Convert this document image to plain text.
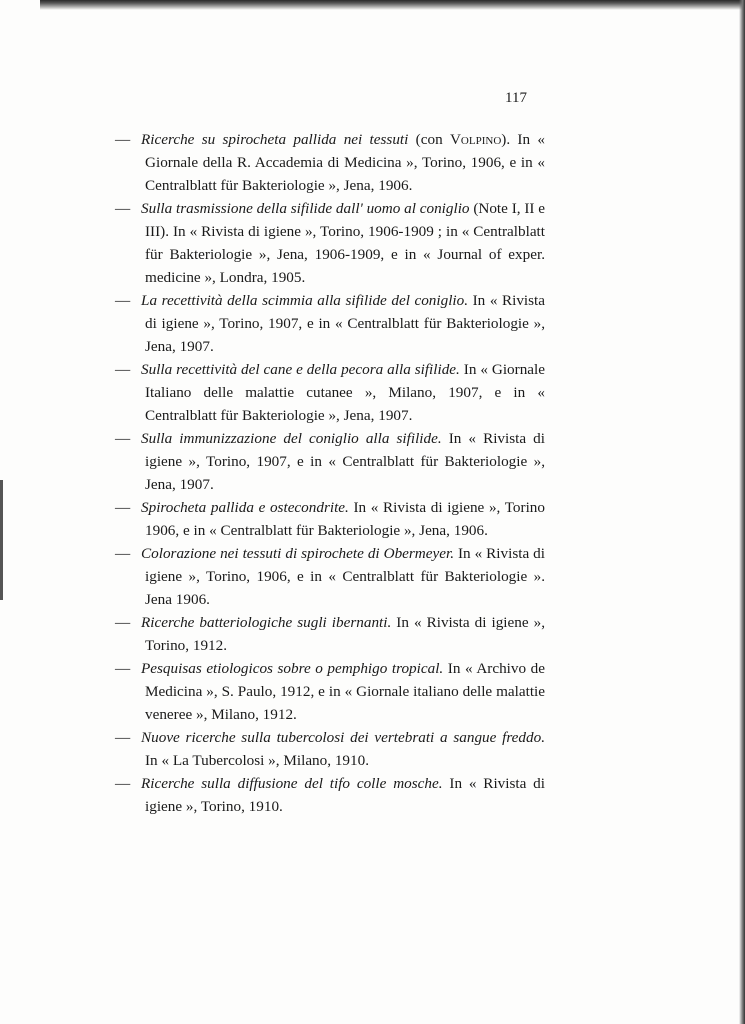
117

— Ricerche su spirocheta pallida nei tessuti (con Volpino). In « Giornale della R. Accademia di Medicina », Torino, 1906, e in « Centralblatt für Bakteriologie », Jena, 1906.

— Sulla trasmissione della sifilide dall' uomo al coniglio (Note I, II e III). In « Rivista di igiene », Torino, 1906-1909 ; in « Centralblatt für Bakteriologie », Jena, 1906-1909, e in « Journal of exper. medicine », Londra, 1905.

— La recettività della scimmia alla sifilide del coniglio. In « Rivista di igiene », Torino, 1907, e in « Centralblatt für Bakteriologie », Jena, 1907.

— Sulla recettività del cane e della pecora alla sifilide. In « Giornale Italiano delle malattie cutanee », Milano, 1907, e in « Centralblatt für Bakteriologie », Jena, 1907.

— Sulla immunizzazione del coniglio alla sifilide. In « Rivista di igiene », Torino, 1907, e in « Centralblatt für Bakteriologie », Jena, 1907.

— Spirocheta pallida e ostecondrite. In « Rivista di igiene », Torino 1906, e in « Centralblatt für Bakteriologie », Jena, 1906.

— Colorazione nei tessuti di spirochete di Obermeyer. In « Rivista di igiene », Torino, 1906, e in « Centralblatt für Bakteriologie ». Jena 1906.

— Ricerche batteriologiche sugli ibernanti. In « Rivista di igiene », Torino, 1912.

— Pesquisas etiologicos sobre o pemphigo tropical. In « Archivo de Medicina », S. Paulo, 1912, e in « Giornale italiano delle malattie veneree », Milano, 1912.

— Nuove ricerche sulla tubercolosi dei vertebrati a sangue freddo. In « La Tubercolosi », Milano, 1910.

— Ricerche sulla diffusione del tifo colle mosche. In « Rivista di igiene », Torino, 1910.
